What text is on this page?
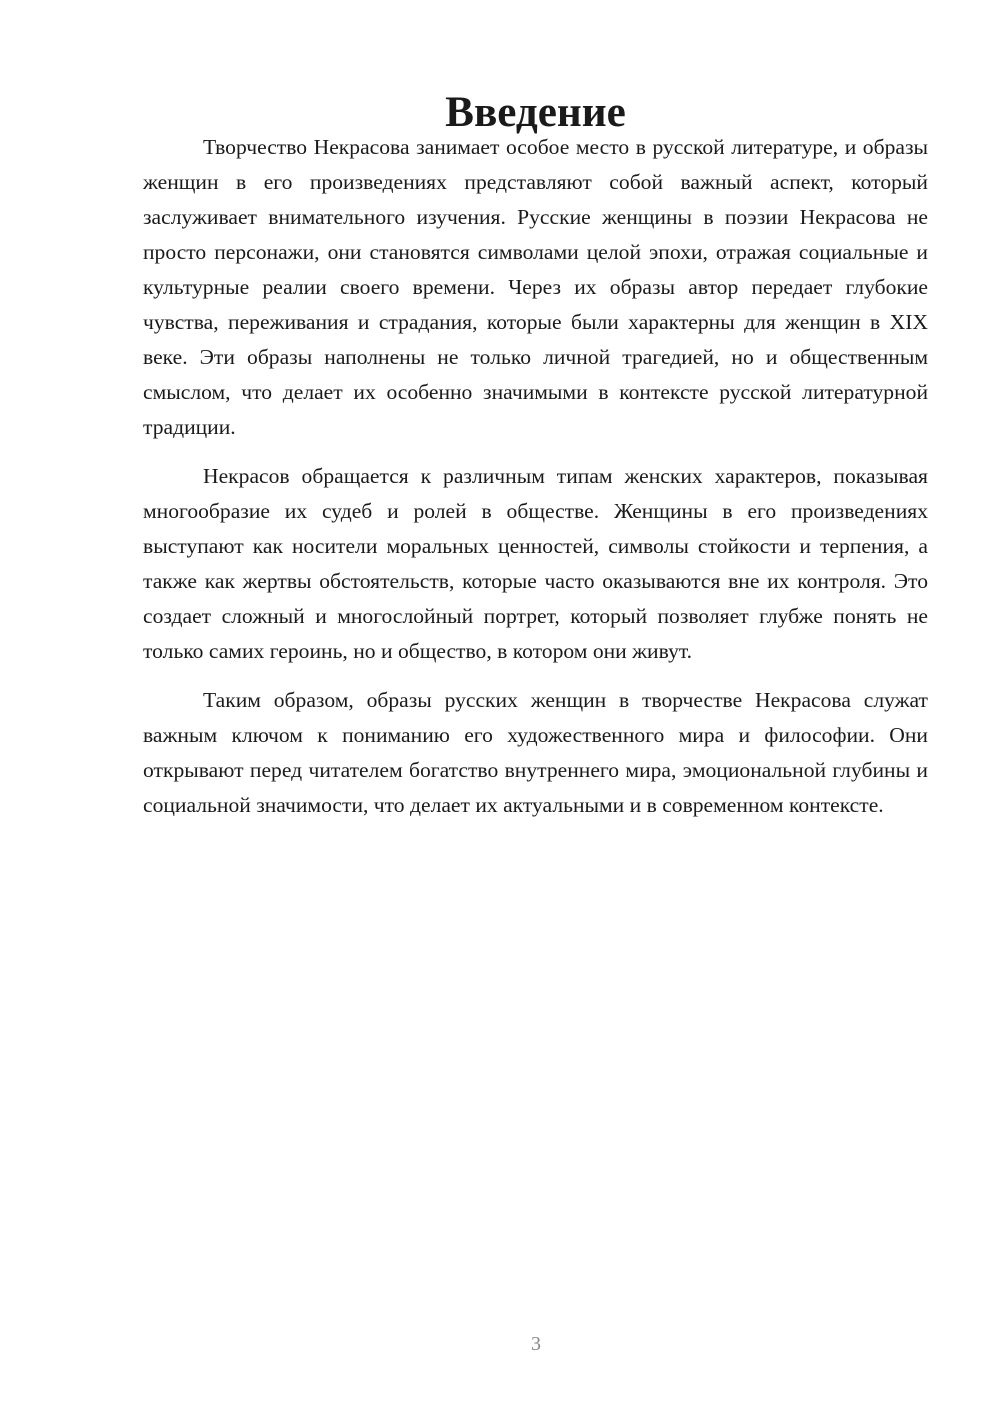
Введение

Творчество Некрасова занимает особое место в русской литературе, и образы женщин в его произведениях представляют собой важный аспект, который заслуживает внимательного изучения. Русские женщины в поэзии Некрасова не просто персонажи, они становятся символами целой эпохи, отражая социальные и культурные реалии своего времени. Через их образы автор передает глубокие чувства, переживания и страдания, которые были характерны для женщин в XIX веке. Эти образы наполнены не только личной трагедией, но и общественным смыслом, что делает их особенно значимыми в контексте русской литературной традиции.

Некрасов обращается к различным типам женских характеров, показывая многообразие их судеб и ролей в обществе. Женщины в его произведениях выступают как носители моральных ценностей, символы стойкости и терпения, а также как жертвы обстоятельств, которые часто оказываются вне их контроля. Это создает сложный и многослойный портрет, который позволяет глубже понять не только самих героинь, но и общество, в котором они живут.

Таким образом, образы русских женщин в творчестве Некрасова служат важным ключом к пониманию его художественного мира и философии. Они открывают перед читателем богатство внутреннего мира, эмоциональной глубины и социальной значимости, что делает их актуальными и в современном контексте.

3
